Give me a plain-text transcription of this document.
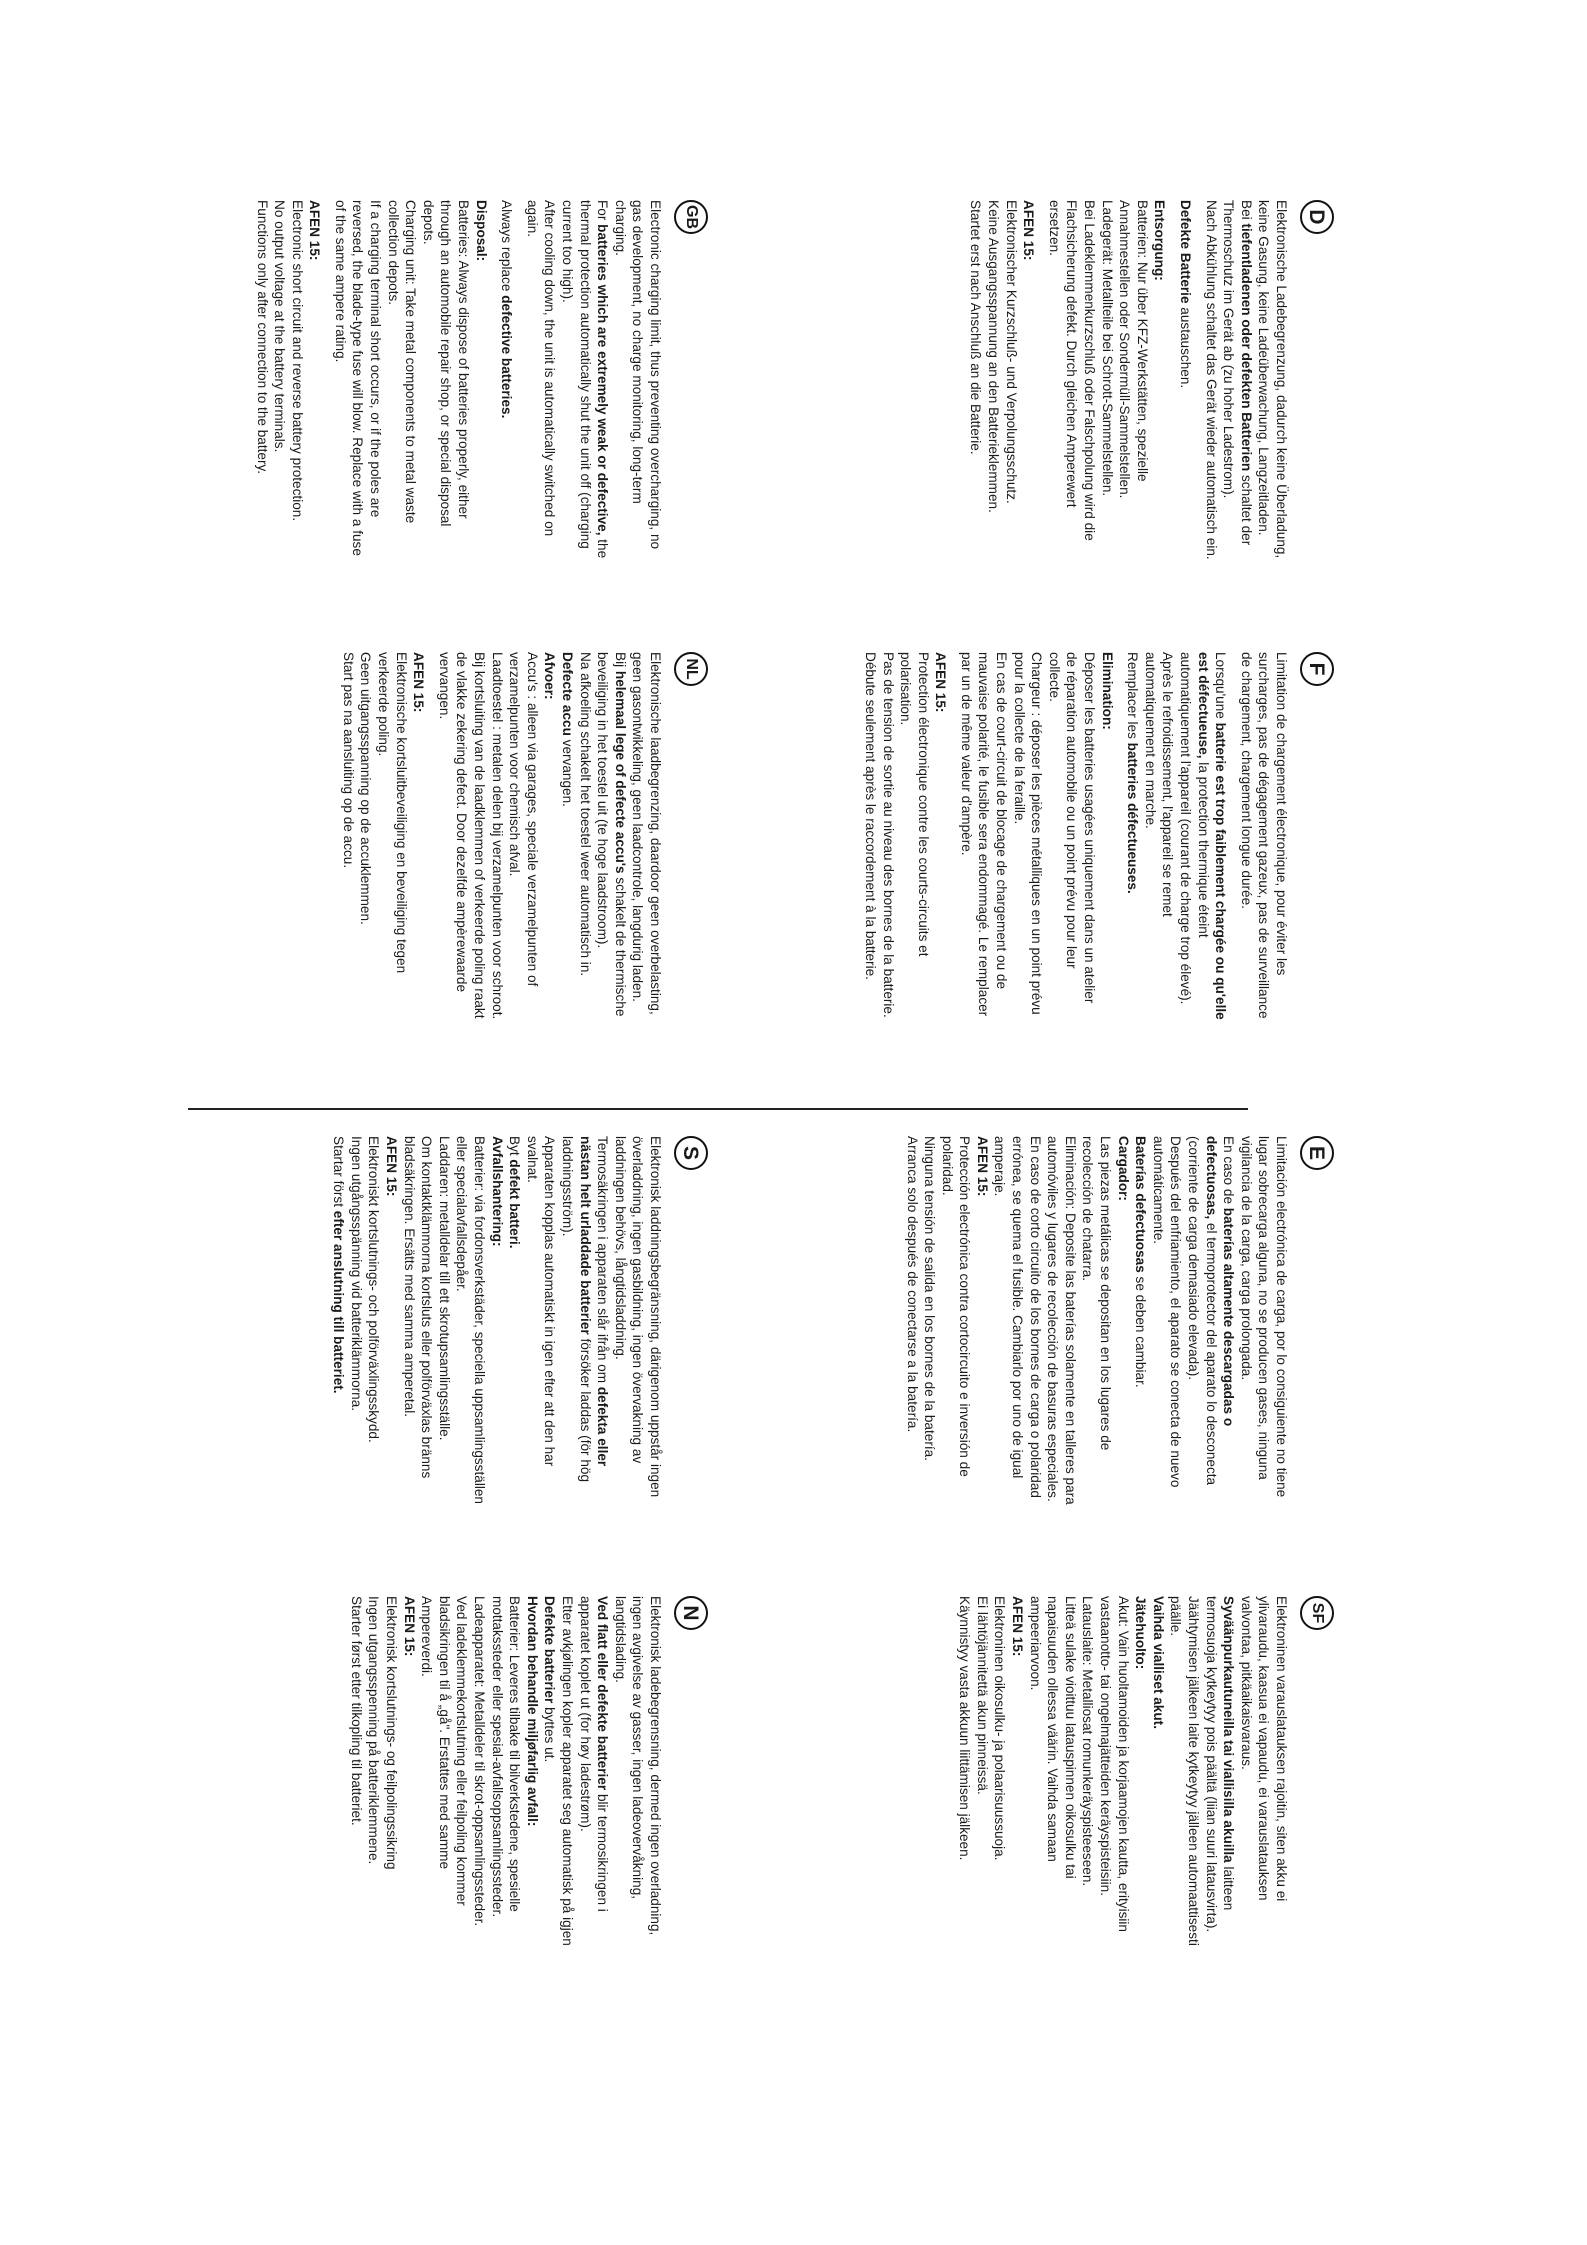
D

Elektronische Ladebegrenzung, dadurch keine Überladung, keine Gasung, keine Ladeüberwachung, Langzeitladen.

Bei tiefentladenen oder defekten Batterien schaltet der Thermoschutz im Gerät ab (zu hoher Ladestrom).

Nach Abkühlung schaltet das Gerät wieder automatisch ein.

Defekte Batterie austauschen.

Entsorgung:

Batterien: Nur über KFZ-Werkstätten, spezielle Annahmestellen oder Sondermüll-Sammelstellen.

Ladegerät: Metallteile bei Schrott-Sammelstellen.

Bei Ladeklemmenkurzschluß oder Falschpolung wird die Flachsicherung defekt. Durch gleichen Amperewert ersetzen.

AFEN 15:

Elektronischer Kurzschluß- und Verpolungsschutz.

Keine Ausgangsspannung an den Batterieklemmen.

Startet erst nach Anschluß an die Batterie.

GB

Electronic charging limit, thus preventing overcharging, no gas development, no charge monitoring, long-term charging.

For batteries which are extremely weak or defective, the thermal protection automatically shut the unit off (charging current too high).

After cooling down, the unit is automatically switched on again.

Always replace defective batteries.

Disposal:

Batteries: Always dispose of batteries properly, either through an automobile repair shop, or special disposal depots.

Charging unit: Take metal components to metal waste collection depots.

If a charging terminal short occurs, or if the poles are reversed, the blade-type fuse will blow. Replace with a fuse of the same ampere rating.

AFEN 15:

Electronic short circuit and reverse battery protection.

No output voltage at the battery terminals.

Functions only after connection to the battery.

F

Limitation de chargement électronique, pour éviter les surcharges, pas de dégagement gazeux, pas de surveillance de chargement, chargement longue durée.

Lorsqu'une batterie est trop faiblement chargée ou qu'elle est défectueuse, la protection thermique éteint automatiquement l'appareil (courant de charge trop élevé).

Après le refroidissement, l'appareil se remet automatiquement en marche.

Remplacer les batteries défectueuses.

Elimination:

Déposer les batteries usagées uniquement dans un atelier de réparation automobile ou un point prévu pour leur collecte.

Chargeur : déposer les pièces métalliques en un point prévu pour la collecte de la feraille.

En cas de court-circuit de blocage de chargement ou de mauvaise polarité, le fusible sera endommagé. Le remplacer par un de même valeur d'ampère.

AFEN 15:

Protection électronique contre les courts-circuits et polarisation.

Pas de tension de sortie au niveau des bornes de la batterie.

Débute seulement après le raccordement à la batterie.

NL

Elektronische laadbegrenzing, daardoor geen overbelasting, geen gasontwikkeling, geen laadcontrole, langdurig laden.

Bij helemaal lege of defecte accu's schakelt de thermische beveiliging in het toestel uit (te hoge laadstroom).

Na afkoeling schakelt het toestel weer automatisch in.

Defecte accu vervangen.

Afvoer:

Accu's : alleen via garages, speciale verzamelpunten of verzamelpunten voor chemisch afval.

Laadtoestel : metalen delen bij verzamelpunten voor schroot.

Bij kortsluiting van de laadklemmen of verkeerde poling raakt de vlakke zekering defect. Door dezelfde ampèrewaarde vervangen.

AFEN 15:

Elektronische kortsluitbeveiliging en beveiliging tegen verkeerde poling.

Geen uitgangsspanning op de accuklemmen.

Start pas na aansluiting op de accu.

E

Limitación electrónica de carga, por lo consiguiente no tiene lugar sobrecarga alguna, no se producen gases, ninguna vigilancia de la carga, carga prolongada.

En caso de baterías altamente descargadas o defectuosas, el termoprotector del aparato lo desconecta (corriente de carga demasiado elevada).

Después del enfriamiento, el aparato se conecta de nuevo automáticamente.

Baterías defectuosas se deben cambiar.

Cargador:

Las piezas metálicas se depositan en los lugares de recolección de chatarra.

Eliminación: Deposite las baterías solamente en talleres para automóviles y lugares de recolección de basuras especiales.

En caso de corto circuito de los bornes de carga o polaridad errónea, se quema el fusible. Cambiarlo por uno de igual amperaje.

AFEN 15:

Protección electrónica contra cortocircuito e inversión de polaridad.

Ninguna tensión de salida en los bornes de la batería.

Arranca solo después de conectarse a la batería.

S

Elektronisk laddningsbegränsning, därigenom uppstår ingen överladdning, ingen gasbildning, ingen övervakning av laddningen behövs, långtidsladdning.

Termosäkringen i apparaten slår ifrån om defekta eller nästan helt urladdade batterier försöker laddas (för hög laddningsström).

Apparaten kopplas automatiskt in igen efter att den har svalnat.

Byt defekt batteri.

Avfallshantering:

Batterier: via fordonsverkstäder, speciella uppsamlingsställen eller specialavfallsdepåer.

Laddaren: metalldelar till ett skrotupsamlingsställe.

Om kontaktklämmorna kortsluts eller polförväxlas bränns bladsäkringen. Ersätts med samma amperetal.

AFEN 15:

Elektroniskt kortslutnings- och polförväxlingsskydd.

Ingen utgångsspänning vid batteriklämmorna.

Startar först efter anslutning till batteriet.

SF

Elektroninen varauslatauksen rajoitin, siten akku ei ylivaraudu, kaasua ei vapaudu, ei varauslatauksen valvontaa, pitkäaikaisvaraus.

Syväänpurkautuneilla tai viallisilla akuilla laitteen termosuoja kytkeytyy pois päältä (liian suuri latausvirta).

Jäähtymisen jälkeen laite kytkeytyy jälleen automaattisesti päälle.

Vaihda vialliset akut.

Jätehuolto:

Akut: Vain huoltamoiden ja korjaamojen kautta, erityisiin vastaanotto- tai ongelmajätteiden keräyspisteisiin.

Latauslaite: Metalliosat romunkeräyspisteeseen.

Litteä sulake vioittuu latauspinnen oikosulku tai napaisuuden ollessa väärin. Vaihda samaan ampeeriarvoon.

AFEN 15:

Elektroninen oikosulku- ja polaarisuussuoja.

Ei lähtöjännitettä akun pinneissä.

Käynnistyy vasta akkuun liittämisen jälkeen.

N

Elektronisk ladebegrensning, dermed ingen overladning, ingen avgivelse av gasser, ingen ladeovervåkning, langtidslading.

Ved flatt eller defekte batterier blir termosikringen i apparatet koplet ut (for høy ladestrøm).

Etter avkjølingen kopler apparatet seg automatisk på igjen

Defekte batterier byttes ut.

Hvordan behandle miljøfarlig avfall:

Batterier: Leveres tilbake til bilverkstedene, spesielle mottakssteder eller spesial-avfallsoppsamlingssteder.

Ladeapparatet: Metalldeler til skrot-oppsamlingssteder.

Ved ladeklemmekortslutning eller feilpoling kommer bladsikringen til å „gå". Erstattes med samme Ampereverdi.

AFEN 15:

Elektronisk kortslutnings- og feilpolingssikring

Ingen utgangsspenning på batteriklemmene.

Starter først etter tilkopling til batteriet.
